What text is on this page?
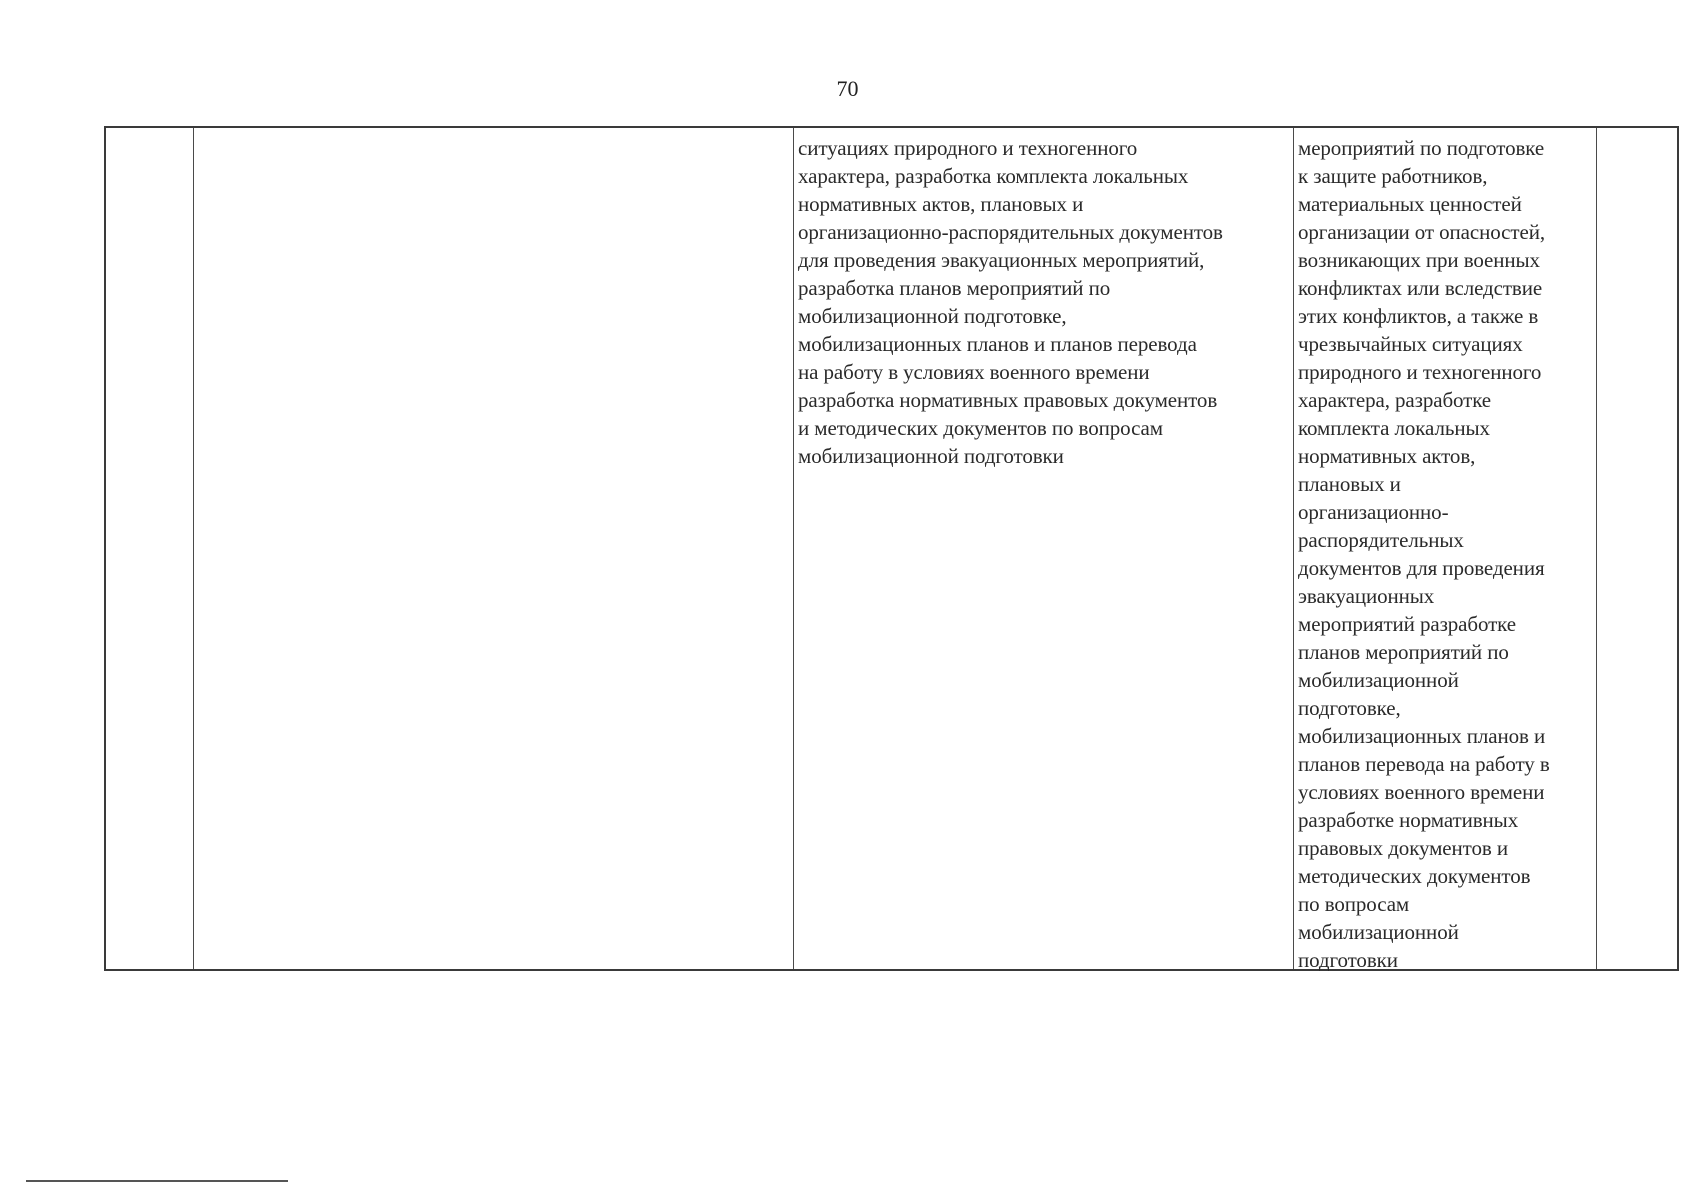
70
ситуациях природного и техногенного
характера, разработка комплекта локальных
нормативных актов, плановых и
организационно-распорядительных документов
для проведения эвакуационных мероприятий,
разработка планов мероприятий по
мобилизационной подготовке,
мобилизационных планов и планов перевода
на работу в условиях военного времени
разработка нормативных правовых документов
и методических документов по вопросам
мобилизационной подготовки
мероприятий по подготовке
к защите работников,
материальных ценностей
организации от опасностей,
возникающих при военных
конфликтах или вследствие
этих конфликтов, а также в
чрезвычайных ситуациях
природного и техногенного
характера, разработке
комплекта локальных
нормативных актов,
плановых и
организационно-
распорядительных
документов для проведения
эвакуационных
мероприятий разработке
планов мероприятий по
мобилизационной
подготовке,
мобилизационных планов и
планов перевода на работу в
условиях военного времени
разработке нормативных
правовых документов и
методических документов
по вопросам
мобилизационной
подготовки
